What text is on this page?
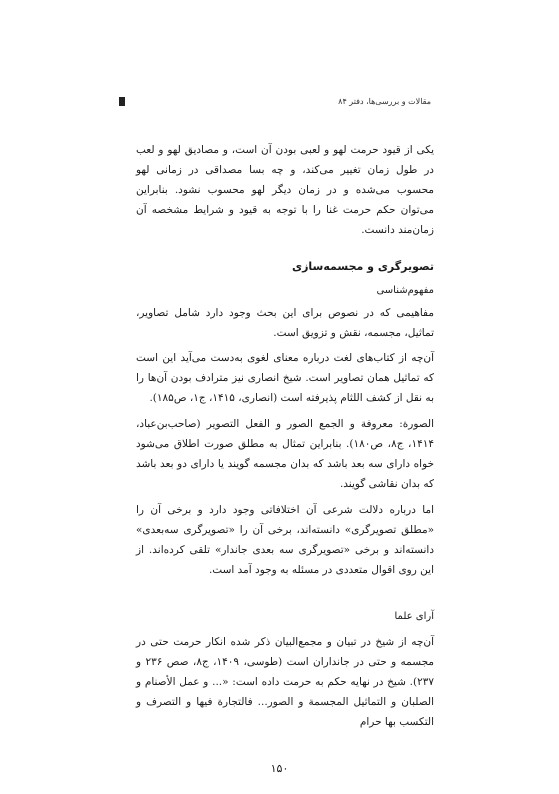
مقالات و بررسی‌ها، دفتر ۸۴
یکی از قیود حرمت لهو و لعبی بودن آن است، و مصادیق لهو و لعب در طول زمان تغییر می‌کند، و چه بسا مصداقی در زمانی لهو محسوب می‌شده و در زمان دیگر لهو محسوب نشود. بنابراین می‌توان حکم حرمت غنا را با توجه به قیود و شرایط مشخصه آن زمان‌مند دانست.
تصویرگری و مجسمه‌سازی
مفهوم‌شناسی
مفاهیمی که در نصوص برای این بحث وجود دارد شامل تصاویر، تماثیل، مجسمه، نقش و تزویق است.
آن‌چه از کتاب‌های لغت درباره معنای لغوی به‌دست می‌آید این است که تماثیل همان تصاویر است. شیخ انصاری نیز مترادف بودن آن‌ها را به نقل از کشف اللثام پذیرفته است (انصاری، ۱۴۱۵، ج۱، ص۱۸۵).
الصورة: معروفة و الجمع الصور و الفعل التصویر (صاحب‌بن‌عباد، ۱۴۱۴، ج۸، ص۱۸۰). بنابراین تمثال به مطلق صورت اطلاق می‌شود خواه دارای سه بعد باشد که بدان مجسمه گویند یا دارای دو بعد باشد که بدان نقاشی گویند.
اما درباره دلالت شرعی آن اختلافاتی وجود دارد و برخی آن را «مطلق تصویرگری» دانسته‌اند، برخی آن را «تصویرگری سه‌بعدی» دانسته‌اند و برخی «تصویرگری سه بعدی جاندار» تلقی کرده‌اند. از این روی اقوال متعددی در مسئله به وجود آمد است.
آرای علما
آن‌چه از شیخ در تبیان و مجمع‌البیان ذکر شده انکار حرمت حتی در مجسمه و حتی در جانداران است (طوسی، ۱۴۰۹، ج۸، صص ۲۳۶ و ۲۳۷). شیخ در نهایه حکم به حرمت داده است: «... و عمل الأصنام و الصلبان و التماثیل المجسمة و الصور... فالتجارة فیها و التصرف و التکسب بها حرام
۱۵۰
